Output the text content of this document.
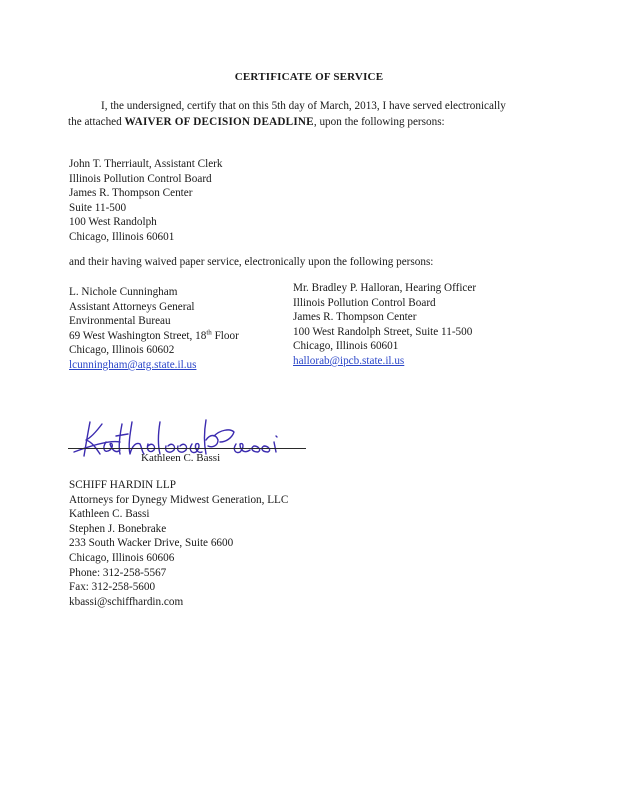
CERTIFICATE OF SERVICE
I, the undersigned, certify that on this 5th day of March, 2013, I have served electronically the attached WAIVER OF DECISION DEADLINE, upon the following persons:
John T. Therriault, Assistant Clerk
Illinois Pollution Control Board
James R. Thompson Center
Suite 11-500
100 West Randolph
Chicago, Illinois 60601
and their having waived paper service, electronically upon the following persons:
L. Nichole Cunningham
Assistant Attorneys General
Environmental Bureau
69 West Washington Street, 18th Floor
Chicago, Illinois 60602
lcunningham@atg.state.il.us
Mr. Bradley P. Halloran, Hearing Officer
Illinois Pollution Control Board
James R. Thompson Center
100 West Randolph Street, Suite 11-500
Chicago, Illinois 60601
hallorab@ipcb.state.il.us
Kathleen C. Bassi
SCHIFF HARDIN LLP
Attorneys for Dynegy Midwest Generation, LLC
Kathleen C. Bassi
Stephen J. Bonebrake
233 South Wacker Drive, Suite 6600
Chicago, Illinois 60606
Phone: 312-258-5567
Fax: 312-258-5600
kbassi@schiffhardin.com
